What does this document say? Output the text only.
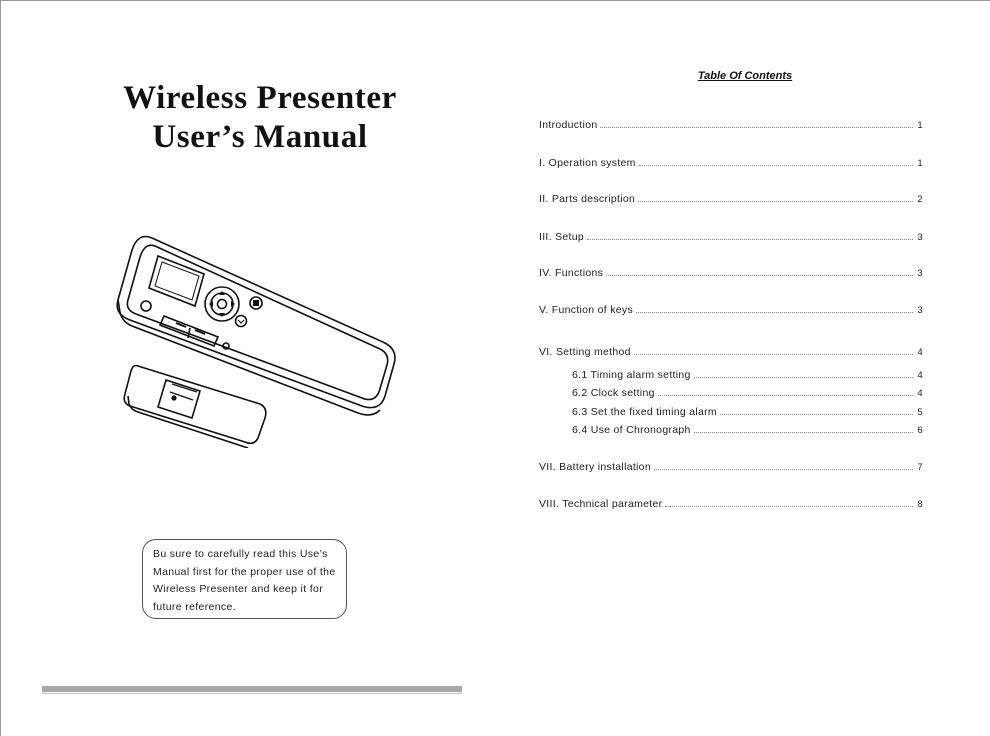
Wireless Presenter
User’s Manual
Bu sure to carefully read this Use’s
Manual first for the proper use of the
Wireless Presenter and keep it for
future reference.
Table Of Contents
Introduction	1
I. Operation system	1
II. Parts description	2
III. Setup	3
IV. Functions	3
V. Function of keys	3
VI. Setting method	4
6.1 Timing alarm setting	4
6.2 Clock setting	4
6.3 Set the fixed timing alarm	5
6.4 Use of Chronograph	6
VII. Battery installation	7
VIII. Technical parameter	8
